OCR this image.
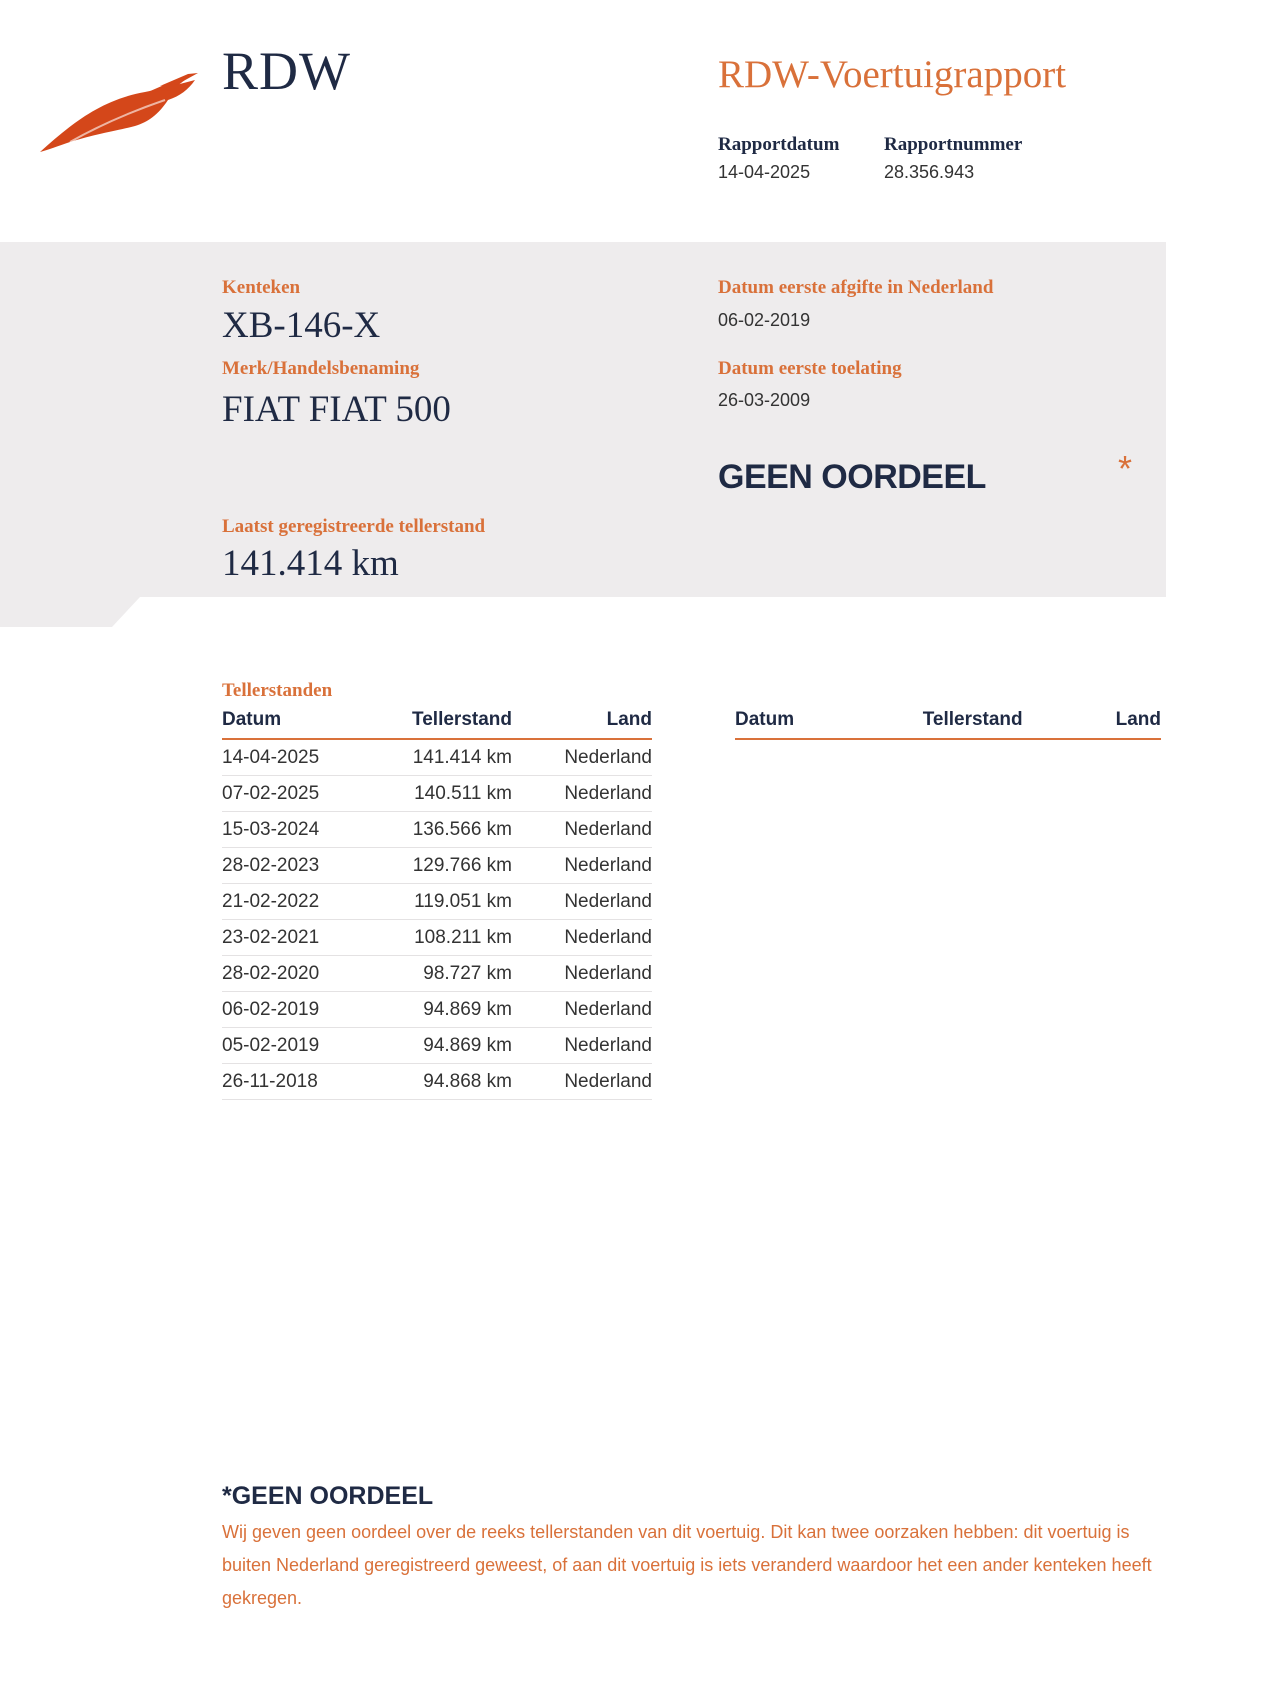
RDW	RDW-Voertuigrapport
Rapportdatum
14-04-2025
Rapportnummer
28.356.943
Kenteken
XB-146-X
Merk/Handelsbenaming
FIAT FIAT 500
Datum eerste afgifte in Nederland
06-02-2019
Datum eerste toelating
26-03-2009
GEEN OORDEEL	*
Laatst geregistreerde tellerstand
141.414 km
Tellerstanden
Datum	Tellerstand	Land
14-04-2025	141.414 km	Nederland
07-02-2025	140.511 km	Nederland
15-03-2024	136.566 km	Nederland
28-02-2023	129.766 km	Nederland
21-02-2022	119.051 km	Nederland
23-02-2021	108.211 km	Nederland
28-02-2020	98.727 km	Nederland
06-02-2019	94.869 km	Nederland
05-02-2019	94.869 km	Nederland
26-11-2018	94.868 km	Nederland
Datum	Tellerstand	Land
*GEEN OORDEEL
Wij geven geen oordeel over de reeks tellerstanden van dit voertuig. Dit kan twee oorzaken hebben: dit voertuig is buiten Nederland geregistreerd geweest, of aan dit voertuig is iets veranderd waardoor het een ander kenteken heeft gekregen.
